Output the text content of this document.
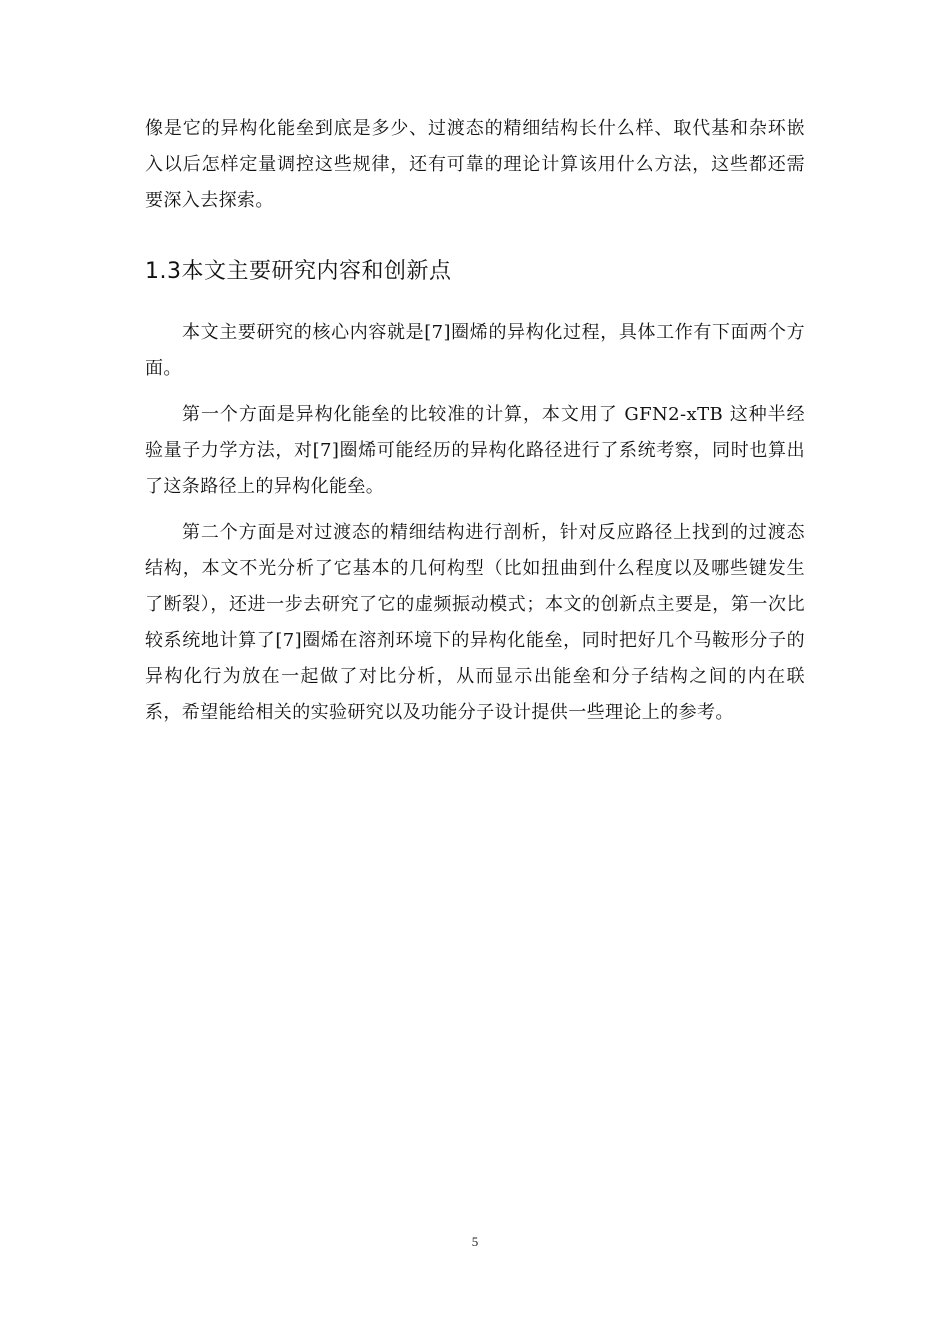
像是它的异构化能垒到底是多少、过渡态的精细结构长什么样、取代基和杂环嵌入以后怎样定量调控这些规律，还有可靠的理论计算该用什么方法，这些都还需要深入去探索。

1.3本文主要研究内容和创新点

本文主要研究的核心内容就是[7]圈烯的异构化过程，具体工作有下面两个方面。

第一个方面是异构化能垒的比较准的计算，本文用了 GFN2-xTB 这种半经验量子力学方法，对[7]圈烯可能经历的异构化路径进行了系统考察，同时也算出了这条路径上的异构化能垒。

第二个方面是对过渡态的精细结构进行剖析，针对反应路径上找到的过渡态结构，本文不光分析了它基本的几何构型（比如扭曲到什么程度以及哪些键发生了断裂），还进一步去研究了它的虚频振动模式；本文的创新点主要是，第一次比较系统地计算了[7]圈烯在溶剂环境下的异构化能垒，同时把好几个马鞍形分子的异构化行为放在一起做了对比分析，从而显示出能垒和分子结构之间的内在联系，希望能给相关的实验研究以及功能分子设计提供一些理论上的参考。

5
